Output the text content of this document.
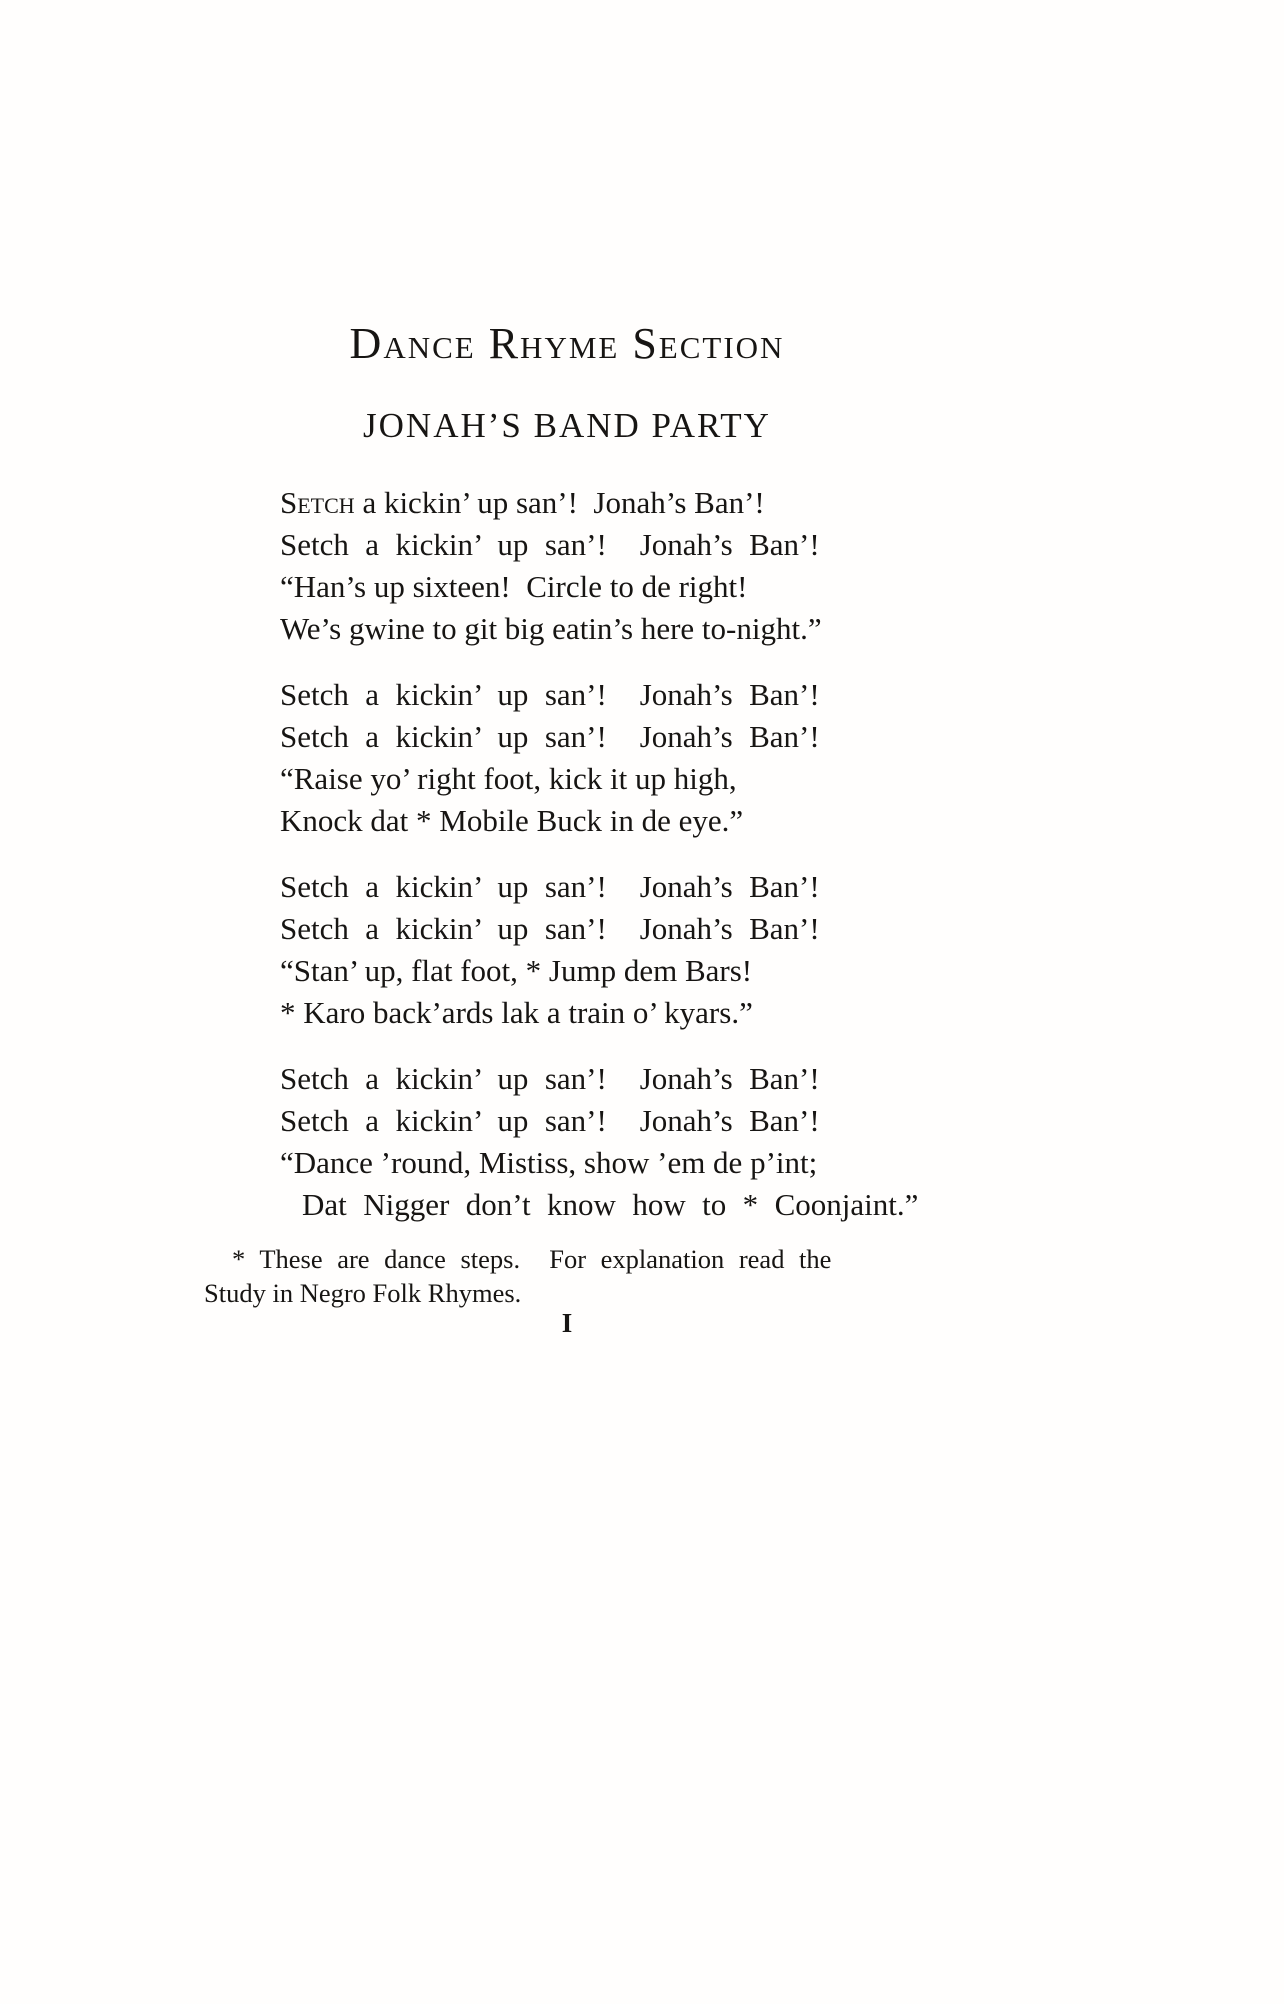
Dance Rhyme Section
JONAH’S BAND PARTY

Setch a kickin’ up san’!  Jonah’s Ban’!

Setch a kickin’ up san’!  Jonah’s Ban’!

“Han’s up sixteen!  Circle to de right!

We’s gwine to git big eatin’s here to-night.”

Setch a kickin’ up san’!  Jonah’s Ban’!

Setch a kickin’ up san’!  Jonah’s Ban’!

“Raise yo’ right foot, kick it up high,

Knock dat * Mobile Buck in de eye.”

Setch a kickin’ up san’!  Jonah’s Ban’!

Setch a kickin’ up san’!  Jonah’s Ban’!

“Stan’ up, flat foot, * Jump dem Bars!

* Karo back’ards lak a train o’ kyars.”

Setch a kickin’ up san’!  Jonah’s Ban’!

Setch a kickin’ up san’!  Jonah’s Ban’!

“Dance ’round, Mistiss, show ’em de p’int;

Dat Nigger don’t know how to * Coonjaint.”

* These are dance steps.  For explanation read the

Study in Negro Folk Rhymes.

I
